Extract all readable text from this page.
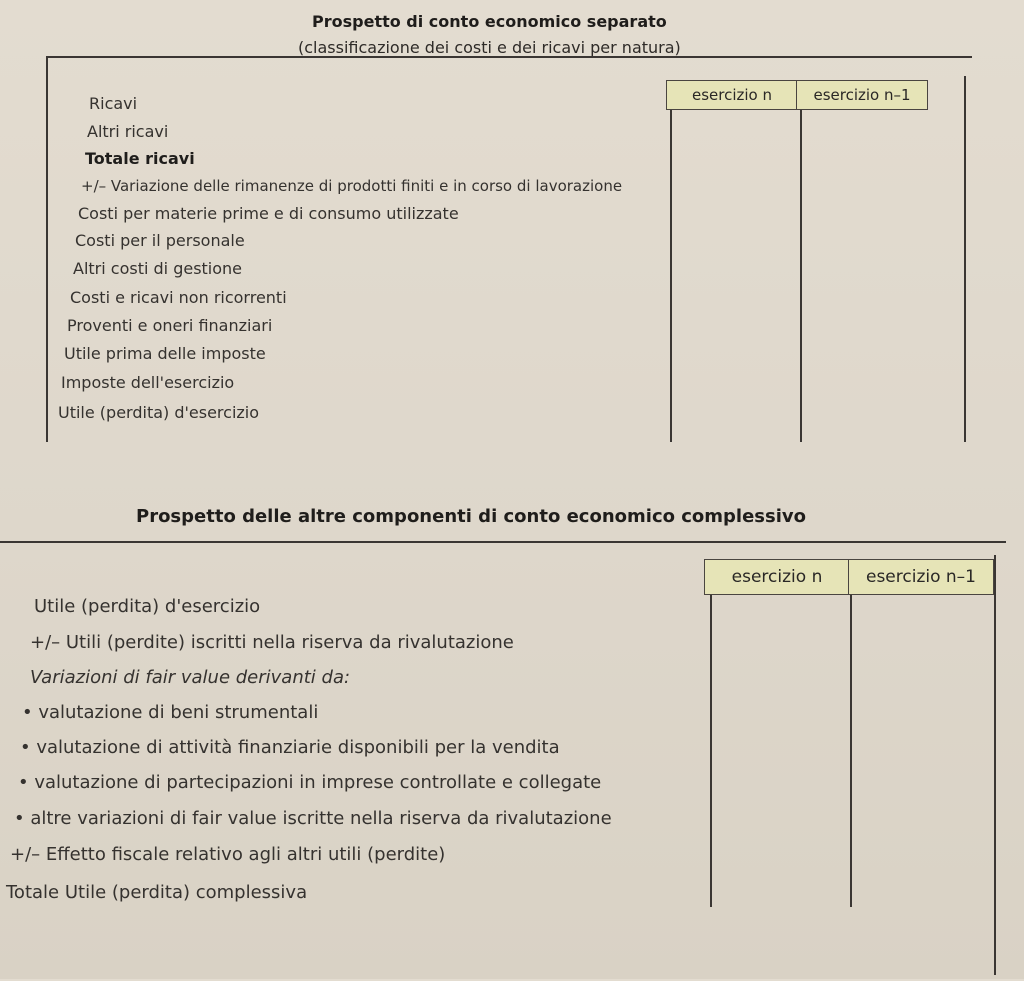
Prospetto di conto economico separato
(classificazione dei costi e dei ricavi per natura)
esercizio n	esercizio n–1
Ricavi
Altri ricavi
Totale ricavi
+/– Variazione delle rimanenze di prodotti finiti e in corso di lavorazione
Costi per materie prime e di consumo utilizzate
Costi per il personale
Altri costi di gestione
Costi e ricavi non ricorrenti
Proventi e oneri finanziari
Utile prima delle imposte
Imposte dell'esercizio
Utile (perdita) d'esercizio
Prospetto delle altre componenti di conto economico complessivo
esercizio n	esercizio n–1
Utile (perdita) d'esercizio
+/– Utili (perdite) iscritti nella riserva da rivalutazione
Variazioni di fair value derivanti da:
• valutazione di beni strumentali
• valutazione di attività finanziarie disponibili per la vendita
• valutazione di partecipazioni in imprese controllate e collegate
• altre variazioni di fair value iscritte nella riserva da rivalutazione
+/– Effetto fiscale relativo agli altri utili (perdite)
Totale Utile (perdita) complessiva
